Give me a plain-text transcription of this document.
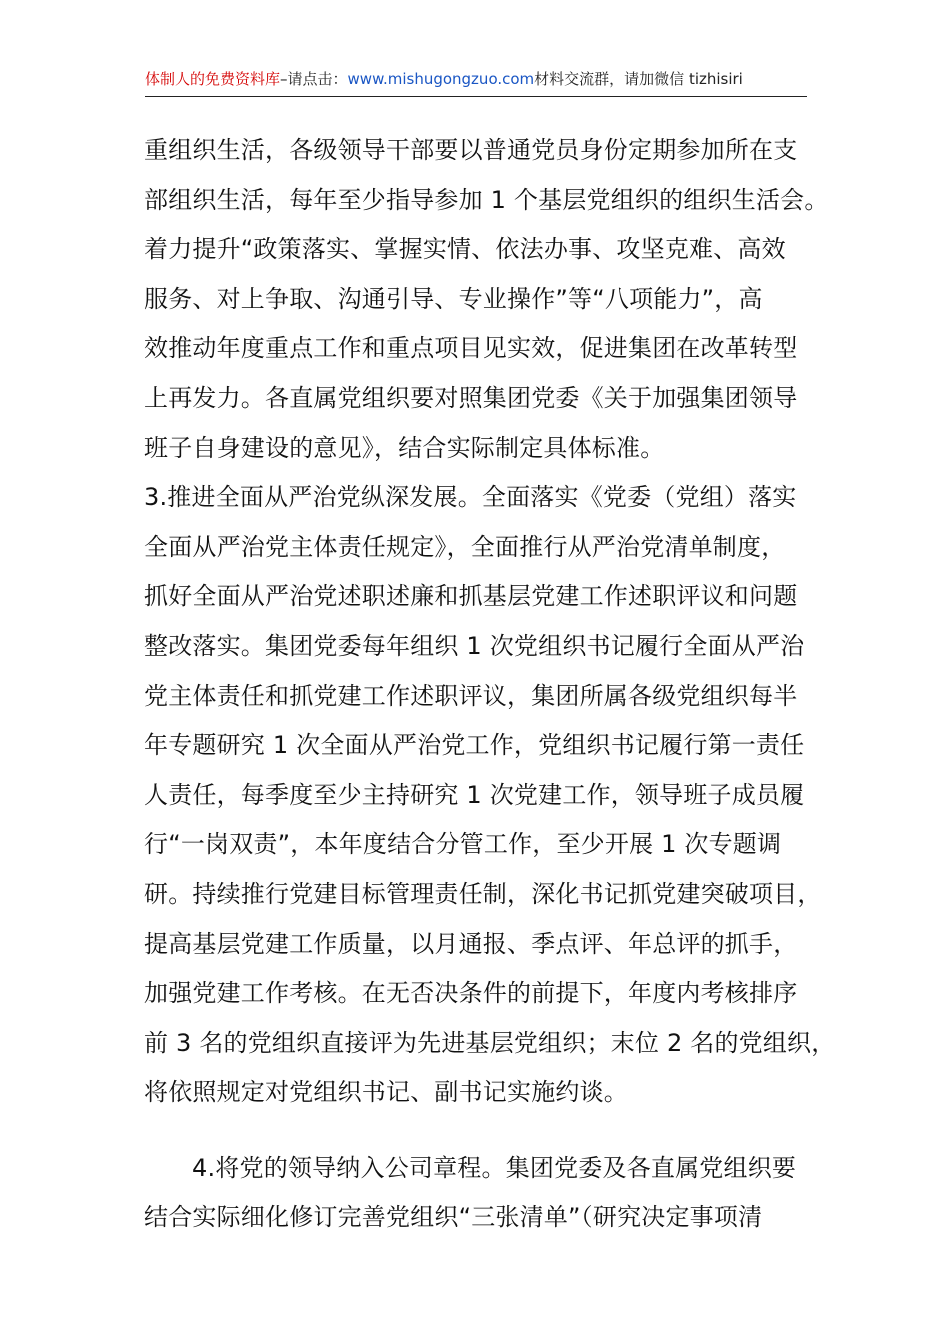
体制人的免费资料库–请点击：www.mishugongzuo.com材料交流群，请加微信 tizhisiri
重组织生活，各级领导干部要以普通党员身份定期参加所在支
部组织生活，每年至少指导参加 1 个基层党组织的组织生活会。
着力提升“政策落实、掌握实情、依法办事、攻坚克难、高效
服务、对上争取、沟通引导、专业操作”等“八项能力”，高
效推动年度重点工作和重点项目见实效，促进集团在改革转型
上再发力。各直属党组织要对照集团党委《关于加强集团领导
班子自身建设的意见》，结合实际制定具体标准。
3.推进全面从严治党纵深发展。全面落实《党委（党组）落实
全面从严治党主体责任规定》，全面推行从严治党清单制度，
抓好全面从严治党述职述廉和抓基层党建工作述职评议和问题
整改落实。集团党委每年组织 1 次党组织书记履行全面从严治
党主体责任和抓党建工作述职评议，集团所属各级党组织每半
年专题研究 1 次全面从严治党工作，党组织书记履行第一责任
人责任，每季度至少主持研究 1 次党建工作，领导班子成员履
行“一岗双责”，本年度结合分管工作，至少开展 1 次专题调
研。持续推行党建目标管理责任制，深化书记抓党建突破项目，
提高基层党建工作质量，以月通报、季点评、年总评的抓手，
加强党建工作考核。在无否决条件的前提下，年度内考核排序
前 3 名的党组织直接评为先进基层党组织；末位 2 名的党组织，
将依照规定对党组织书记、副书记实施约谈。
4.将党的领导纳入公司章程。集团党委及各直属党组织要
结合实际细化修订完善党组织“三张清单”（研究决定事项清
